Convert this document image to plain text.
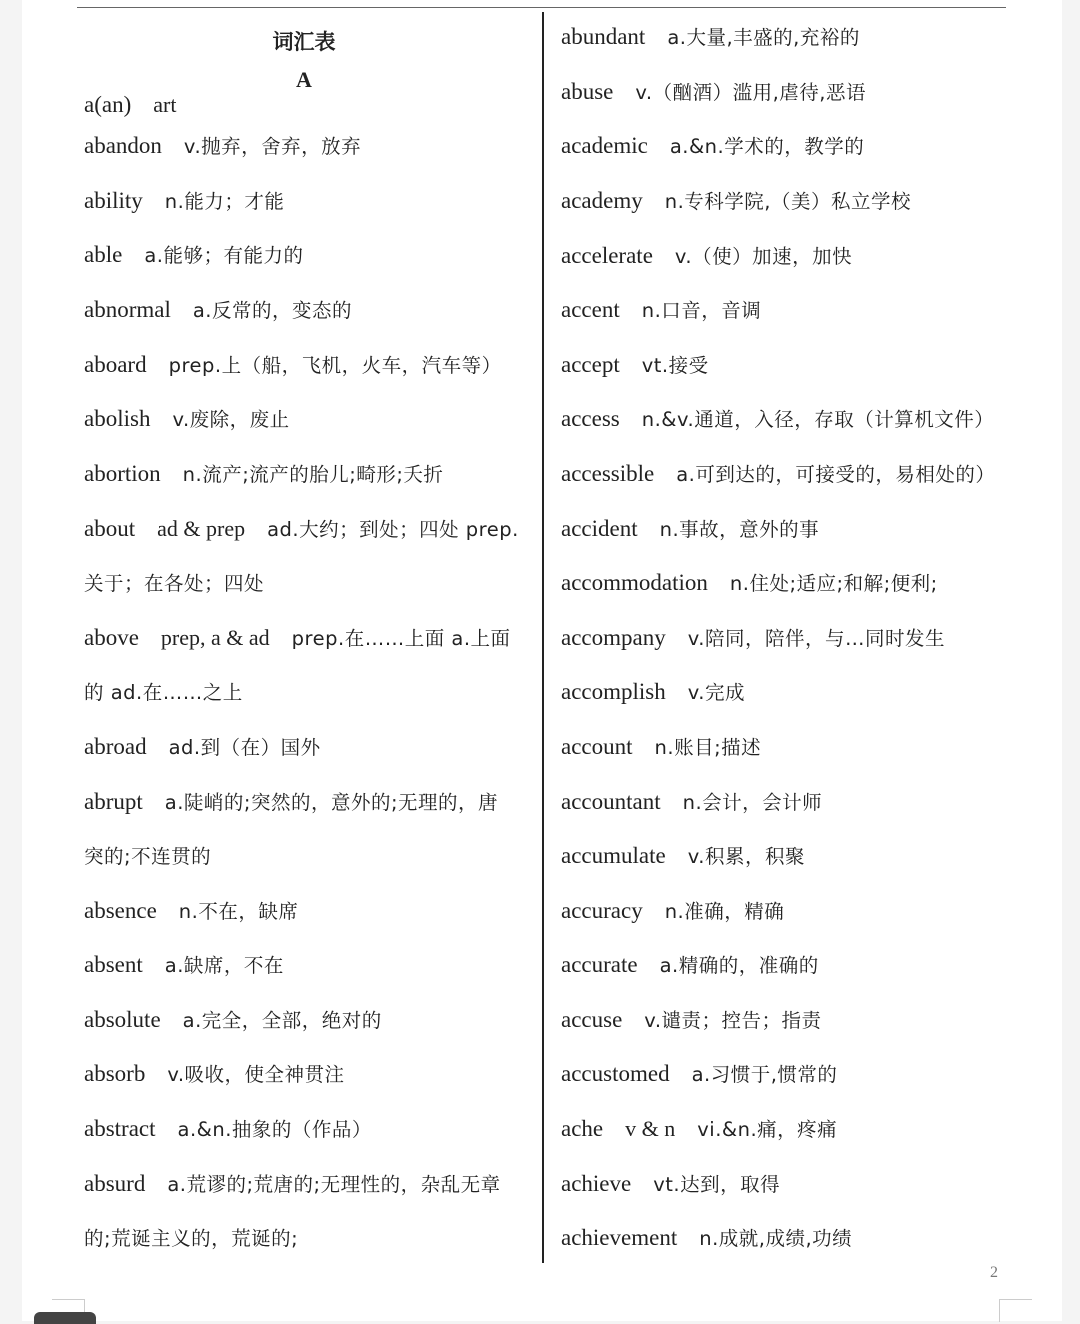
词汇表
A
a(an) art
abandon v.抛弃，舍弃，放弃
ability n.能力；才能
able a.能够；有能力的
abnormal a.反常的，变态的
aboard prep.上（船，飞机，火车，汽车等）
abolish v.废除，废止
abortion n.流产;流产的胎儿;畸形;夭折
about ad & prep ad.大约；到处；四处 prep.
关于；在各处；四处
above prep, a & ad prep.在……上面 a.上面
的 ad.在……之上
abroad ad.到（在）国外
abrupt a.陡峭的;突然的，意外的;无理的，唐
突的;不连贯的
absence n.不在，缺席
absent a.缺席，不在
absolute a.完全，全部，绝对的
absorb v.吸收，使全神贯注
abstract a.&n.抽象的（作品）
absurd a.荒谬的;荒唐的;无理性的，杂乱无章
的;荒诞主义的，荒诞的;
abundant a.大量,丰盛的,充裕的
abuse v.（酗酒）滥用,虐待,恶语
academic a.&n.学术的，教学的
academy n.专科学院,（美）私立学校
accelerate v.（使）加速，加快
accent n.口音，音调
accept vt.接受
access n.&v.通道，入径，存取（计算机文件）
accessible a.可到达的，可接受的，易相处的）
accident n.事故，意外的事
accommodation n.住处;适应;和解;便利;
accompany v.陪同，陪伴，与…同时发生
accomplish v.完成
account n.账目;描述
accountant n.会计，会计师
accumulate v.积累，积聚
accuracy n.准确，精确
accurate a.精确的，准确的
accuse v.谴责；控告；指责
accustomed a.习惯于,惯常的
ache v & n vi.&n.痛，疼痛
achieve vt.达到，取得
achievement n.成就,成绩,功绩
2
